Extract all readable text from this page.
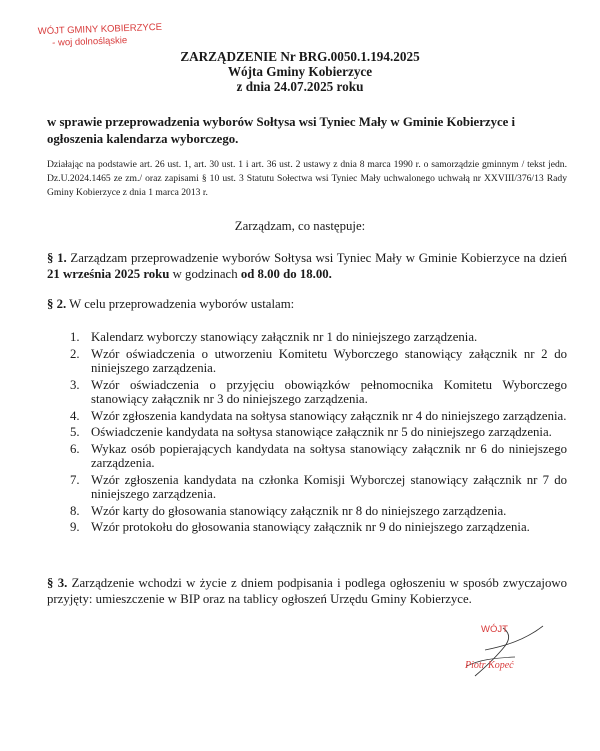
WÓJT GMINY KOBIERZYCE
- woj dolnośląskie
ZARZĄDZENIE Nr BRG.0050.1.194.2025
Wójta Gminy Kobierzyce
z dnia 24.07.2025 roku
w sprawie przeprowadzenia wyborów Sołtysa wsi Tyniec Mały w Gminie Kobierzyce i ogłoszenia kalendarza wyborczego.
Działając na podstawie art. 26 ust. 1, art. 30 ust. 1 i art. 36 ust. 2 ustawy z dnia 8 marca 1990 r. o samorządzie gminnym / tekst jedn. Dz.U.2024.1465 ze zm./ oraz zapisami § 10 ust. 3 Statutu Sołectwa wsi Tyniec Mały uchwalonego uchwałą nr XXVIII/376/13 Rady Gminy Kobierzyce z dnia 1 marca 2013 r.
Zarządzam, co następuje:
§ 1. Zarządzam przeprowadzenie wyborów Sołtysa wsi Tyniec Mały w Gminie Kobierzyce na dzień 21 września 2025 roku w godzinach od 8.00 do 18.00.
§ 2. W celu przeprowadzenia wyborów ustalam:
1. Kalendarz wyborczy stanowiący załącznik nr 1 do niniejszego zarządzenia.
2. Wzór oświadczenia o utworzeniu Komitetu Wyborczego stanowiący załącznik nr 2 do niniejszego zarządzenia.
3. Wzór oświadczenia o przyjęciu obowiązków pełnomocnika Komitetu Wyborczego stanowiący załącznik nr 3 do niniejszego zarządzenia.
4. Wzór zgłoszenia kandydata na sołtysa stanowiący załącznik nr 4 do niniejszego zarządzenia.
5. Oświadczenie kandydata na sołtysa stanowiące załącznik nr 5 do niniejszego zarządzenia.
6. Wykaz osób popierających kandydata na sołtysa stanowiący załącznik nr 6 do niniejszego zarządzenia.
7. Wzór zgłoszenia kandydata na członka Komisji Wyborczej stanowiący załącznik nr 7 do niniejszego zarządzenia.
8. Wzór karty do głosowania stanowiący załącznik nr 8 do niniejszego zarządzenia.
9. Wzór protokołu do głosowania stanowiący załącznik nr 9 do niniejszego zarządzenia.
§ 3. Zarządzenie wchodzi w życie z dniem podpisania i podlega ogłoszeniu w sposób zwyczajowo przyjęty: umieszczenie w BIP oraz na tablicy ogłoszeń Urzędu Gminy Kobierzyce.
WÓJT
Piotr Kopeć
